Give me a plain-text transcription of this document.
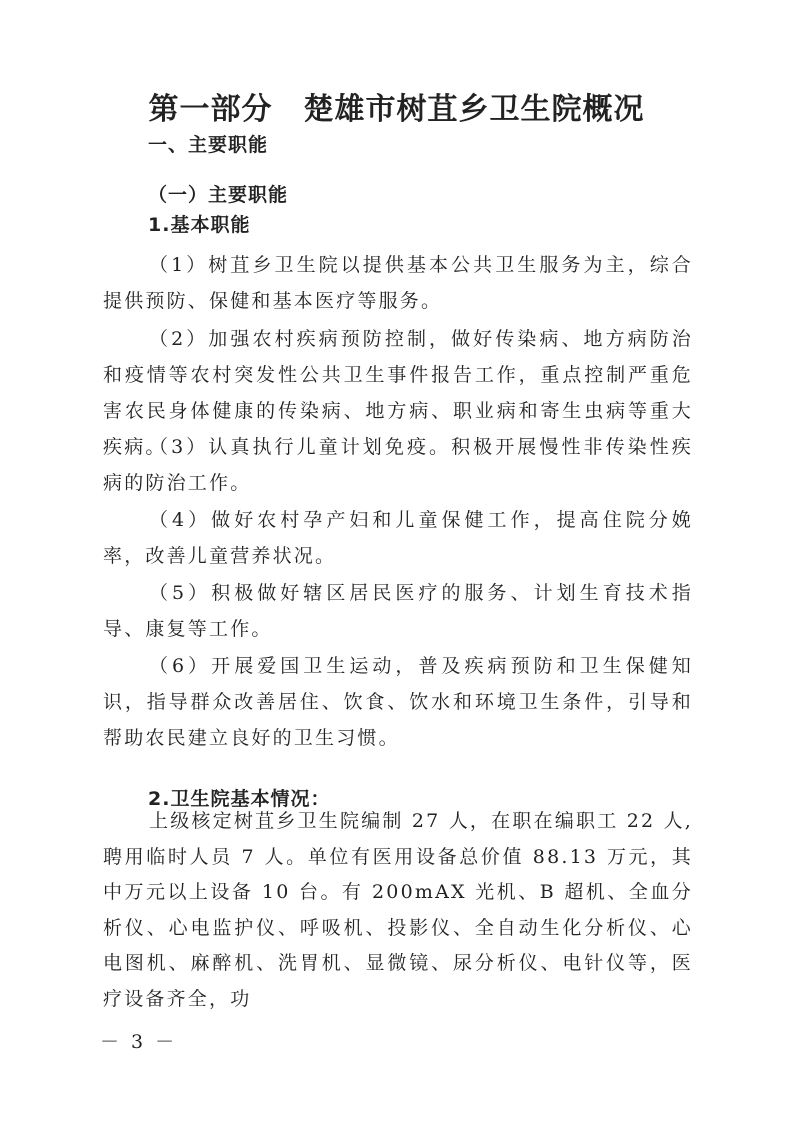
第一部分　楚雄市树苴乡卫生院概况
一、主要职能
（一）主要职能
1.基本职能

（1）树苴乡卫生院以提供基本公共卫生服务为主，综合提供预防、保健和基本医疗等服务。

（2）加强农村疾病预防控制，做好传染病、地方病防治和疫情等农村突发性公共卫生事件报告工作，重点控制严重危害农民身体健康的传染病、地方病、职业病和寄生虫病等重大疾病。

（3）认真执行儿童计划免疫。积极开展慢性非传染性疾病的防治工作。

（4）做好农村孕产妇和儿童保健工作，提高住院分娩率，改善儿童营养状况。

（5）积极做好辖区居民医疗的服务、计划生育技术指导、康复等工作。

（6）开展爱国卫生运动，普及疾病预防和卫生保健知识，指导群众改善居住、饮食、饮水和环境卫生条件，引导和帮助农民建立良好的卫生习惯。

2.卫生院基本情况：

上级核定树苴乡卫生院编制 27 人，在职在编职工 22 人,聘用临时人员 7 人。单位有医用设备总价值 88.13 万元，其中万元以上设备 10 台。有 200mAX 光机、B 超机、全血分析仪、心电监护仪、呼吸机、投影仪、全自动生化分析仪、心电图机、麻醉机、洗胃机、显微镜、尿分析仪、电针仪等，医疗设备齐全，功

－ 3 －
